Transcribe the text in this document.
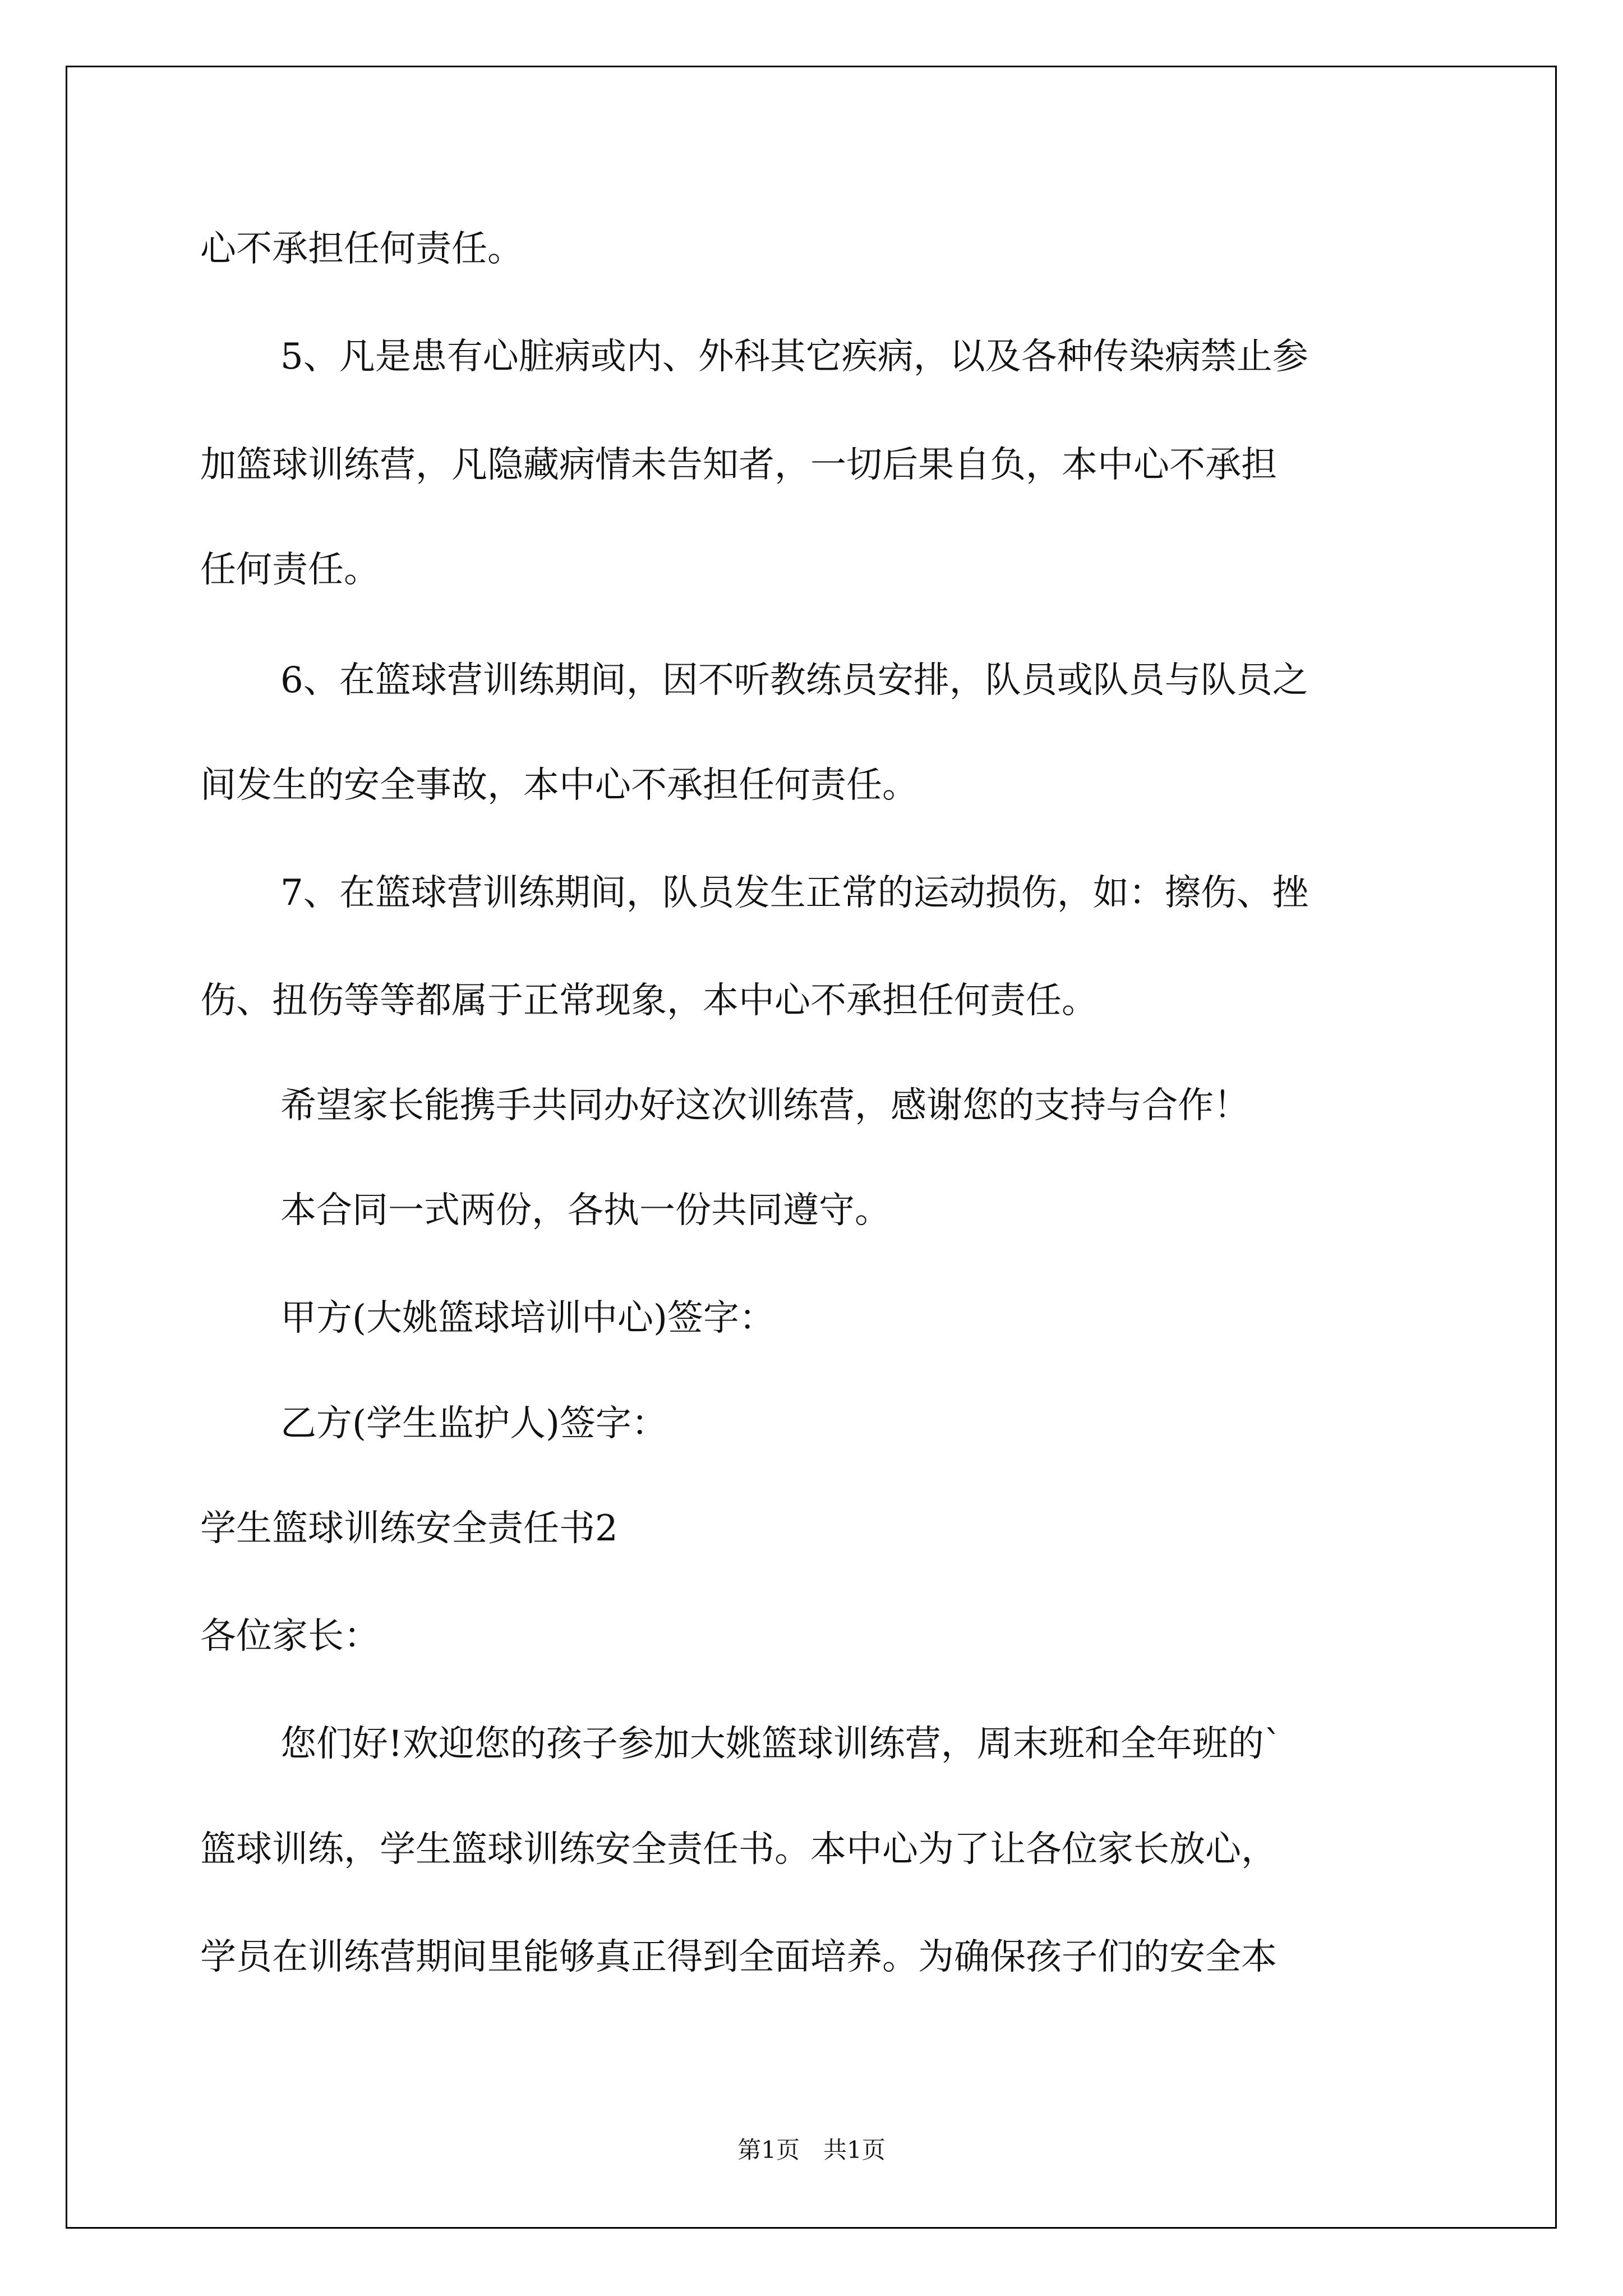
心不承担任何责任。
5、凡是患有心脏病或内、外科其它疾病，以及各种传染病禁止参
加篮球训练营，凡隐藏病情未告知者，一切后果自负，本中心不承担
任何责任。
6、在篮球营训练期间，因不听教练员安排，队员或队员与队员之
间发生的安全事故，本中心不承担任何责任。
7、在篮球营训练期间，队员发生正常的运动损伤，如：擦伤、挫
伤、扭伤等等都属于正常现象，本中心不承担任何责任。
希望家长能携手共同办好这次训练营，感谢您的支持与合作！
本合同一式两份，各执一份共同遵守。
甲方(大姚篮球培训中心)签字：
乙方(学生监护人)签字：
学生篮球训练安全责任书2
各位家长：
您们好!欢迎您的孩子参加大姚篮球训练营，周末班和全年班的`
篮球训练，学生篮球训练安全责任书。本中心为了让各位家长放心，
学员在训练营期间里能够真正得到全面培养。为确保孩子们的安全本
第1页　共1页
